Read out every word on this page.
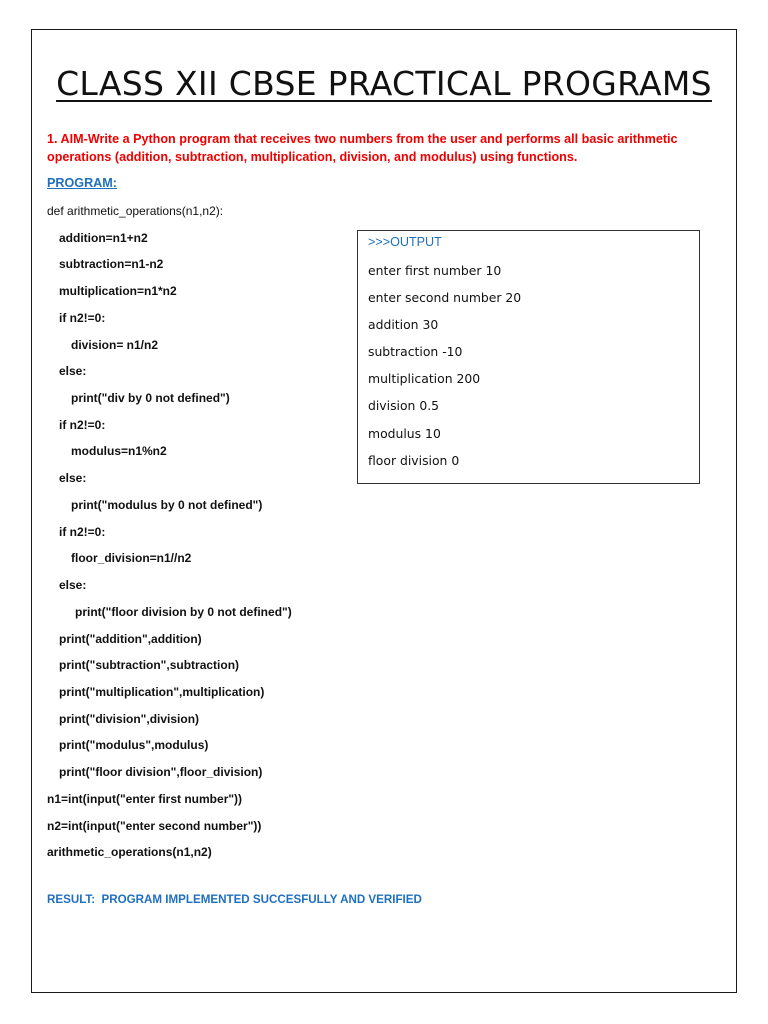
CLASS XII CBSE PRACTICAL PROGRAMS

1. AIM-Write a Python program that receives two numbers from the user and performs all basic arithmetic operations (addition, subtraction, multiplication, division, and modulus) using functions.

PROGRAM:

def arithmetic_operations(n1,n2):
addition=n1+n2
subtraction=n1-n2
multiplication=n1*n2
if n2!=0:
division= n1/n2
else:
print("div by 0 not defined")
if n2!=0:
modulus=n1%n2
else:
print("modulus by 0 not defined")
if n2!=0:
floor_division=n1//n2
else:
print("floor division by 0 not defined")
print("addition",addition)
print("subtraction",subtraction)
print("multiplication",multiplication)
print("division",division)
print("modulus",modulus)
print("floor division",floor_division)
n1=int(input("enter first number"))
n2=int(input("enter second number"))
arithmetic_operations(n1,n2)

>>>OUTPUT

enter first number 10
enter second number 20
addition 30
subtraction -10
multiplication 200
division 0.5
modulus 10
floor division 0

RESULT:  PROGRAM IMPLEMENTED SUCCESFULLY AND VERIFIED
